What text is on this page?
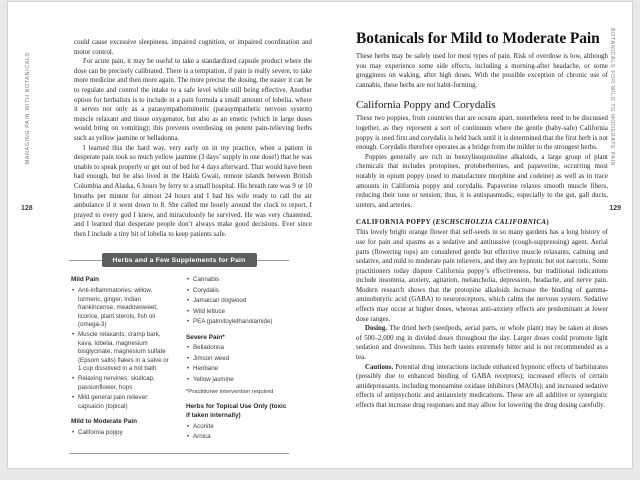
could cause excessive sleepiness, impaired cognition, or impaired coordination and motor control.

For acute pain, it may be useful to take a standardized capsule product where the dose can be precisely calibrated. There is a temptation, if pain is really severe, to take more medicine and then more again. The more precise the dosing, the easier it can be to regulate and control the intake to a safe level while still being effective. Another option for herbalists is to include in a pain formula a small amount of lobelia, where it serves not only as a parasympathomimetic (parasympathetic nervous system) muscle relaxant and tissue oxygenator, but also as an emetic (which in large doses would bring on vomiting); this prevents overdosing on potent pain-relieving herbs such as yellow jasmine or belladonna.

I learned this the hard way, very early on in my practice, when a patient in desperate pain took so much yellow jasmine (3 days’ supply in one dose!) that he was unable to speak properly or get out of bed for 4 days afterward. That would have been bad enough, but he also lived in the Haida Gwaii, remote islands between British Columbia and Alaska, 6 hours by ferry to a small hospital. His breath rate was 9 or 10 breaths per minute for almost 24 hours and I had his wife ready to call the air ambulance if it went down to 8. She called me hourly around the clock to report, I prayed to every god I knew, and miraculously he survived. He was very chastened, and I learned that desperate people don’t always make good decisions. Ever since then I include a tiny bit of lobelia to keep patients safe.

Herbs and a Few Supplements for Pain
Mild Pain
• Anti-inflammatories: willow, turmeric, ginger, Indian frankincense, meadowsweet, licorice, plant sterols, fish oil (omega-3)
• Muscle relaxants: cramp bark, kava, lobelia, magnesium bisglycinate, magnesium sulfate (Epsom salts) flakes in a salve or 1 cup dissolved in a hot bath
• Relaxing nervines: skullcap, passionflower, hops
• Mild general pain reliever: capsaicin (topical)
Mild to Moderate Pain
• California poppy
• Cannabis
• Corydalis
• Jamaican dogwood
• Wild lettuce
• PEA (palmitoylethanolamide)
Severe Pain*
• Belladonna
• Jimson weed
• Henbane
• Yellow jasmine

*Practitioner intervention required

Herbs for Topical Use Only (toxic if taken internally)
• Aconite
• Arnica
Botanicals for Mild to Moderate Pain

These herbs may be safely used for most types of pain. Risk of overdose is low, although you may experience some side effects, including a morning-after headache, or some grogginess on waking, after high doses. With the possible exception of chronic use of cannabis, these herbs are not habit-forming.

California Poppy and Corydalis

These two poppies, from countries that are oceans apart, nonetheless need to be discussed together, as they represent a sort of continuum where the gentle (baby-safe) California poppy is used first and corydalis is held back until it is determined that the first herb is not enough. Corydalis therefore operates as a bridge from the milder to the strongest herbs.

Poppies generally are rich in benzylisoquinoline alkaloids, a large group of plant chemicals that includes protopines, protoberberines, and papaverine, occurring most notably in opium poppy (used to manufacture morphine and codeine) as well as in trace amounts in California poppy and corydalis. Papaverine relaxes smooth muscle fibers, reducing their tone or tension; thus, it is antispasmodic, especially to the gut, gall ducts, ureters, and arteries.

CALIFORNIA POPPY (ESCHSCHOLZIA CALIFORNICA)

This lovely bright orange flower that self-seeds in so many gardens has a long history of use for pain and spasms as a sedative and antitussive (cough-suppressing) agent. Aerial parts (flowering tops) are considered gentle but effective muscle relaxants, calming and sedative, and mild to moderate pain relievers, and they are hypnotic but not narcotic. Some practitioners today dispute California poppy’s effectiveness, but traditional indications include insomnia, anxiety, agitation, melancholia, depression, headache, and nerve pain. Modern research shows that the protopine alkaloids increase the binding of gamma-aminobutyric acid (GABA) to neuroreceptors, which calms the nervous system. Sedative effects may occur at higher doses, whereas anti-anxiety effects are predominant at lower dose ranges.

Dosing. The dried herb (seedpods, aerial parts, or whole plant) may be taken at doses of 500–2,000 mg in divided doses throughout the day. Larger doses could promote light sedation and drowsiness. This herb tastes extremely bitter and is not recommended as a tea.

Cautions. Potential drug interactions include enhanced hypnotic effects of barbiturates (possibly due to enhanced binding of GABA receptors); increased effects of certain antidepressants, including monoamine oxidase inhibitors (MAOIs); and increased sedative effects of antipsychotic and antianxiety medications. These are all additive or synergistic effects that increase drug responses and may allow for lowering the drug dosing carefully.

MANAGING PAIN WITH BOTANICALS	BOTANICALS FOR MILD TO MODERATE PAIN
128	129
